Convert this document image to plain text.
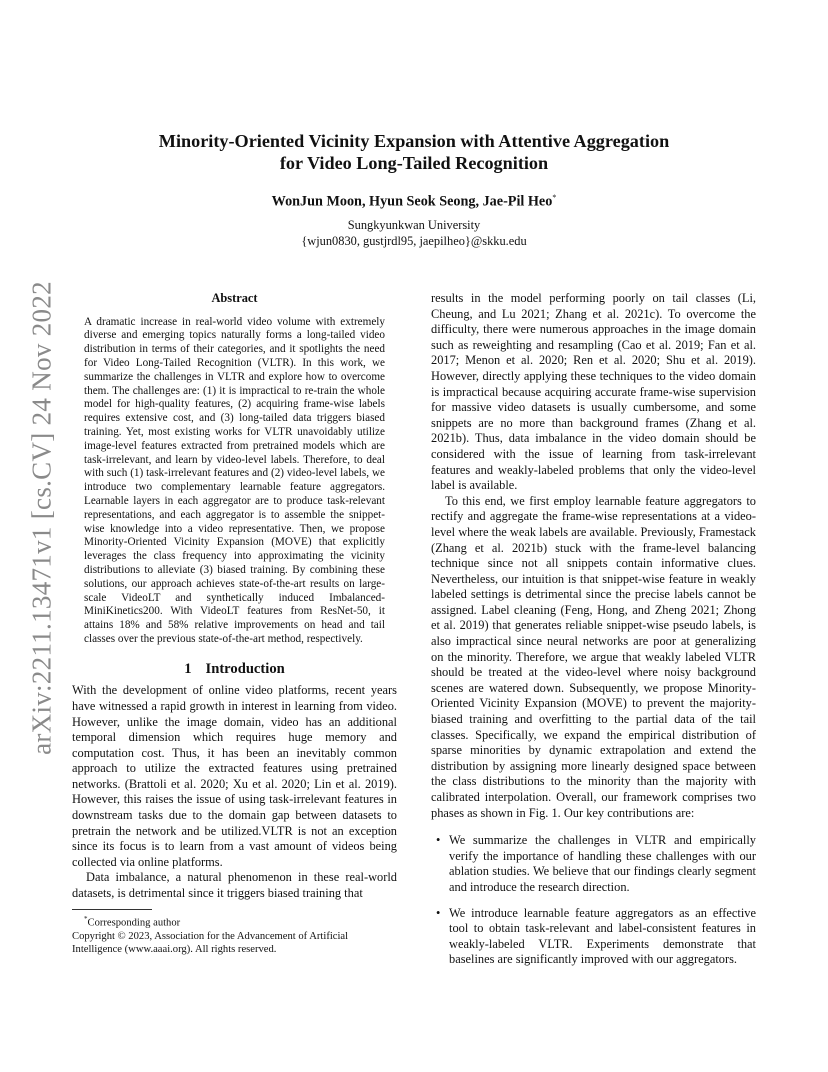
arXiv:2211.13471v1 [cs.CV] 24 Nov 2022
Minority-Oriented Vicinity Expansion with Attentive Aggregation
for Video Long-Tailed Recognition
WonJun Moon, Hyun Seok Seong, Jae-Pil Heo*
Sungkyunkwan University
{wjun0830, gustjrdl95, jaepilheo}@skku.edu
Abstract

A dramatic increase in real-world video volume with extremely diverse and emerging topics naturally forms a long-tailed video distribution in terms of their categories, and it spotlights the need for Video Long-Tailed Recognition (VLTR). In this work, we summarize the challenges in VLTR and explore how to overcome them. The challenges are: (1) it is impractical to re-train the whole model for high-quality features, (2) acquiring frame-wise labels requires extensive cost, and (3) long-tailed data triggers biased training. Yet, most existing works for VLTR unavoidably utilize image-level features extracted from pretrained models which are task-irrelevant, and learn by video-level labels. Therefore, to deal with such (1) task-irrelevant features and (2) video-level labels, we introduce two complementary learnable feature aggregators. Learnable layers in each aggregator are to produce task-relevant representations, and each aggregator is to assemble the snippet-wise knowledge into a video representative. Then, we propose Minority-Oriented Vicinity Expansion (MOVE) that explicitly leverages the class frequency into approximating the vicinity distributions to alleviate (3) biased training. By combining these solutions, our approach achieves state-of-the-art results on large-scale VideoLT and synthetically induced Imbalanced-MiniKinetics200. With VideoLT features from ResNet-50, it attains 18% and 58% relative improvements on head and tail classes over the previous state-of-the-art method, respectively.

1 Introduction

With the development of online video platforms, recent years have witnessed a rapid growth in interest in learning from video. However, unlike the image domain, video has an additional temporal dimension which requires huge memory and computation cost. Thus, it has been an inevitably common approach to utilize the extracted features using pretrained networks. (Brattoli et al. 2020; Xu et al. 2020; Lin et al. 2019). However, this raises the issue of using task-irrelevant features in downstream tasks due to the domain gap between datasets to pretrain the network and be utilized.VLTR is not an exception since its focus is to learn from a vast amount of videos being collected via online platforms.

Data imbalance, a natural phenomenon in these real-world datasets, is detrimental since it triggers biased training that

*Corresponding author
Copyright © 2023, Association for the Advancement of Artificial Intelligence (www.aaai.org). All rights reserved.

results in the model performing poorly on tail classes (Li, Cheung, and Lu 2021; Zhang et al. 2021c). To overcome the difficulty, there were numerous approaches in the image domain such as reweighting and resampling (Cao et al. 2019; Fan et al. 2017; Menon et al. 2020; Ren et al. 2020; Shu et al. 2019). However, directly applying these techniques to the video domain is impractical because acquiring accurate frame-wise supervision for massive video datasets is usually cumbersome, and some snippets are no more than background frames (Zhang et al. 2021b). Thus, data imbalance in the video domain should be considered with the issue of learning from task-irrelevant features and weakly-labeled problems that only the video-level label is available.

To this end, we first employ learnable feature aggregators to rectify and aggregate the frame-wise representations at a video-level where the weak labels are available. Previously, Framestack (Zhang et al. 2021b) stuck with the frame-level balancing technique since not all snippets contain informative clues. Nevertheless, our intuition is that snippet-wise feature in weakly labeled settings is detrimental since the precise labels cannot be assigned. Label cleaning (Feng, Hong, and Zheng 2021; Zhong et al. 2019) that generates reliable snippet-wise pseudo labels, is also impractical since neural networks are poor at generalizing on the minority. Therefore, we argue that weakly labeled VLTR should be treated at the video-level where noisy background scenes are watered down. Subsequently, we propose Minority-Oriented Vicinity Expansion (MOVE) to prevent the majority-biased training and overfitting to the partial data of the tail classes. Specifically, we expand the empirical distribution of sparse minorities by dynamic extrapolation and extend the distribution by assigning more linearly designed space between the class distributions to the minority than the majority with calibrated interpolation. Overall, our framework comprises two phases as shown in Fig. 1. Our key contributions are:

• We summarize the challenges in VLTR and empirically verify the importance of handling these challenges with our ablation studies. We believe that our findings clearly segment and introduce the research direction.
• We introduce learnable feature aggregators as an effective tool to obtain task-relevant and label-consistent features in weakly-labeled VLTR. Experiments demonstrate that baselines are significantly improved with our aggregators.
